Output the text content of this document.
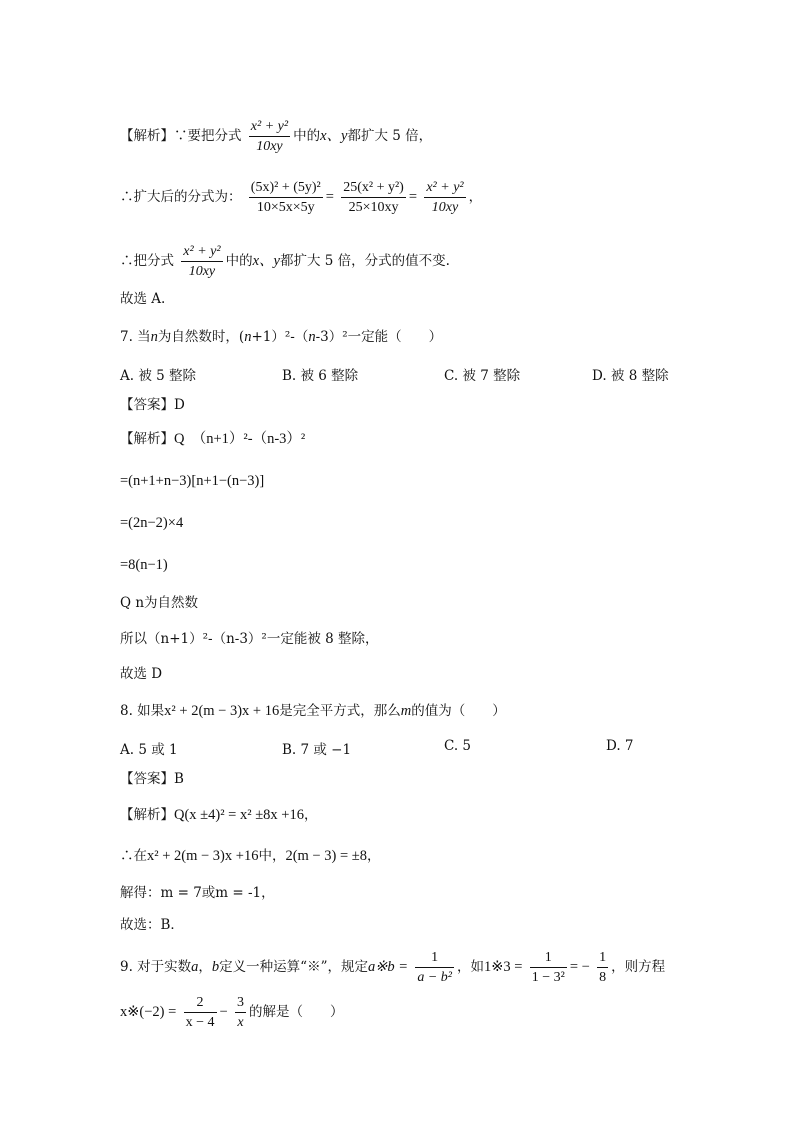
【解析】∵要把分式 $\frac{\text{x² + y²}}{10xy}$ 中的x、y都扩大 5 倍，
∴扩大后的分式为： $\frac{\text{(5x)² + (5y)²}}{10\times 5x\times 5y} = \frac{\text{25(x² + y²)}}{25\times 10xy} = \frac{\text{x² + y²}}{10xy}$ ，
∴把分式 $\frac{\text{x² + y²}}{10xy}$ 中的x、y都扩大 5 倍，分式的值不变.
故选 A.
7. 当n为自然数时，(n+1）²-（n-3）²一定能（　　）
A. 被 5 整除	B. 被 6 整除	C. 被 7 整除	D. 被 8 整除
【答案】D
【解析】Q　（n+1）²-（n-3）²
=(n+1+n−3)[n+1−(n−3)]
=(2n−2)×4
=8(n−1)
Q n为自然数
所以（n+1）²-（n-3）²一定能被 8 整除，
故选 D
8. 如果x² + 2(m − 3)x + 16是完全平方式，那么m的值为（　　）
A. 5 或 1	B. 7 或 −1	C. 5	D. 7
【答案】B
【解析】Q(x ±4)² = x² ±8x +16，
∴在x² + 2(m − 3)x +16中，2(m − 3) = ±8，
解得：m = 7或m = -1，
故选：B．
9. 对于实数a，b定义一种运算“※”，规定a※b = $\frac{1}{\text{a − b²}}$ ，如1※3 = $\frac{1}{\text{1 − 3²}}$ = − $\frac{1}{8}$ ，则方程
x※(−2) = $\frac{2}{x - 4} - \frac{3}{x}$ 的解是（　　）
